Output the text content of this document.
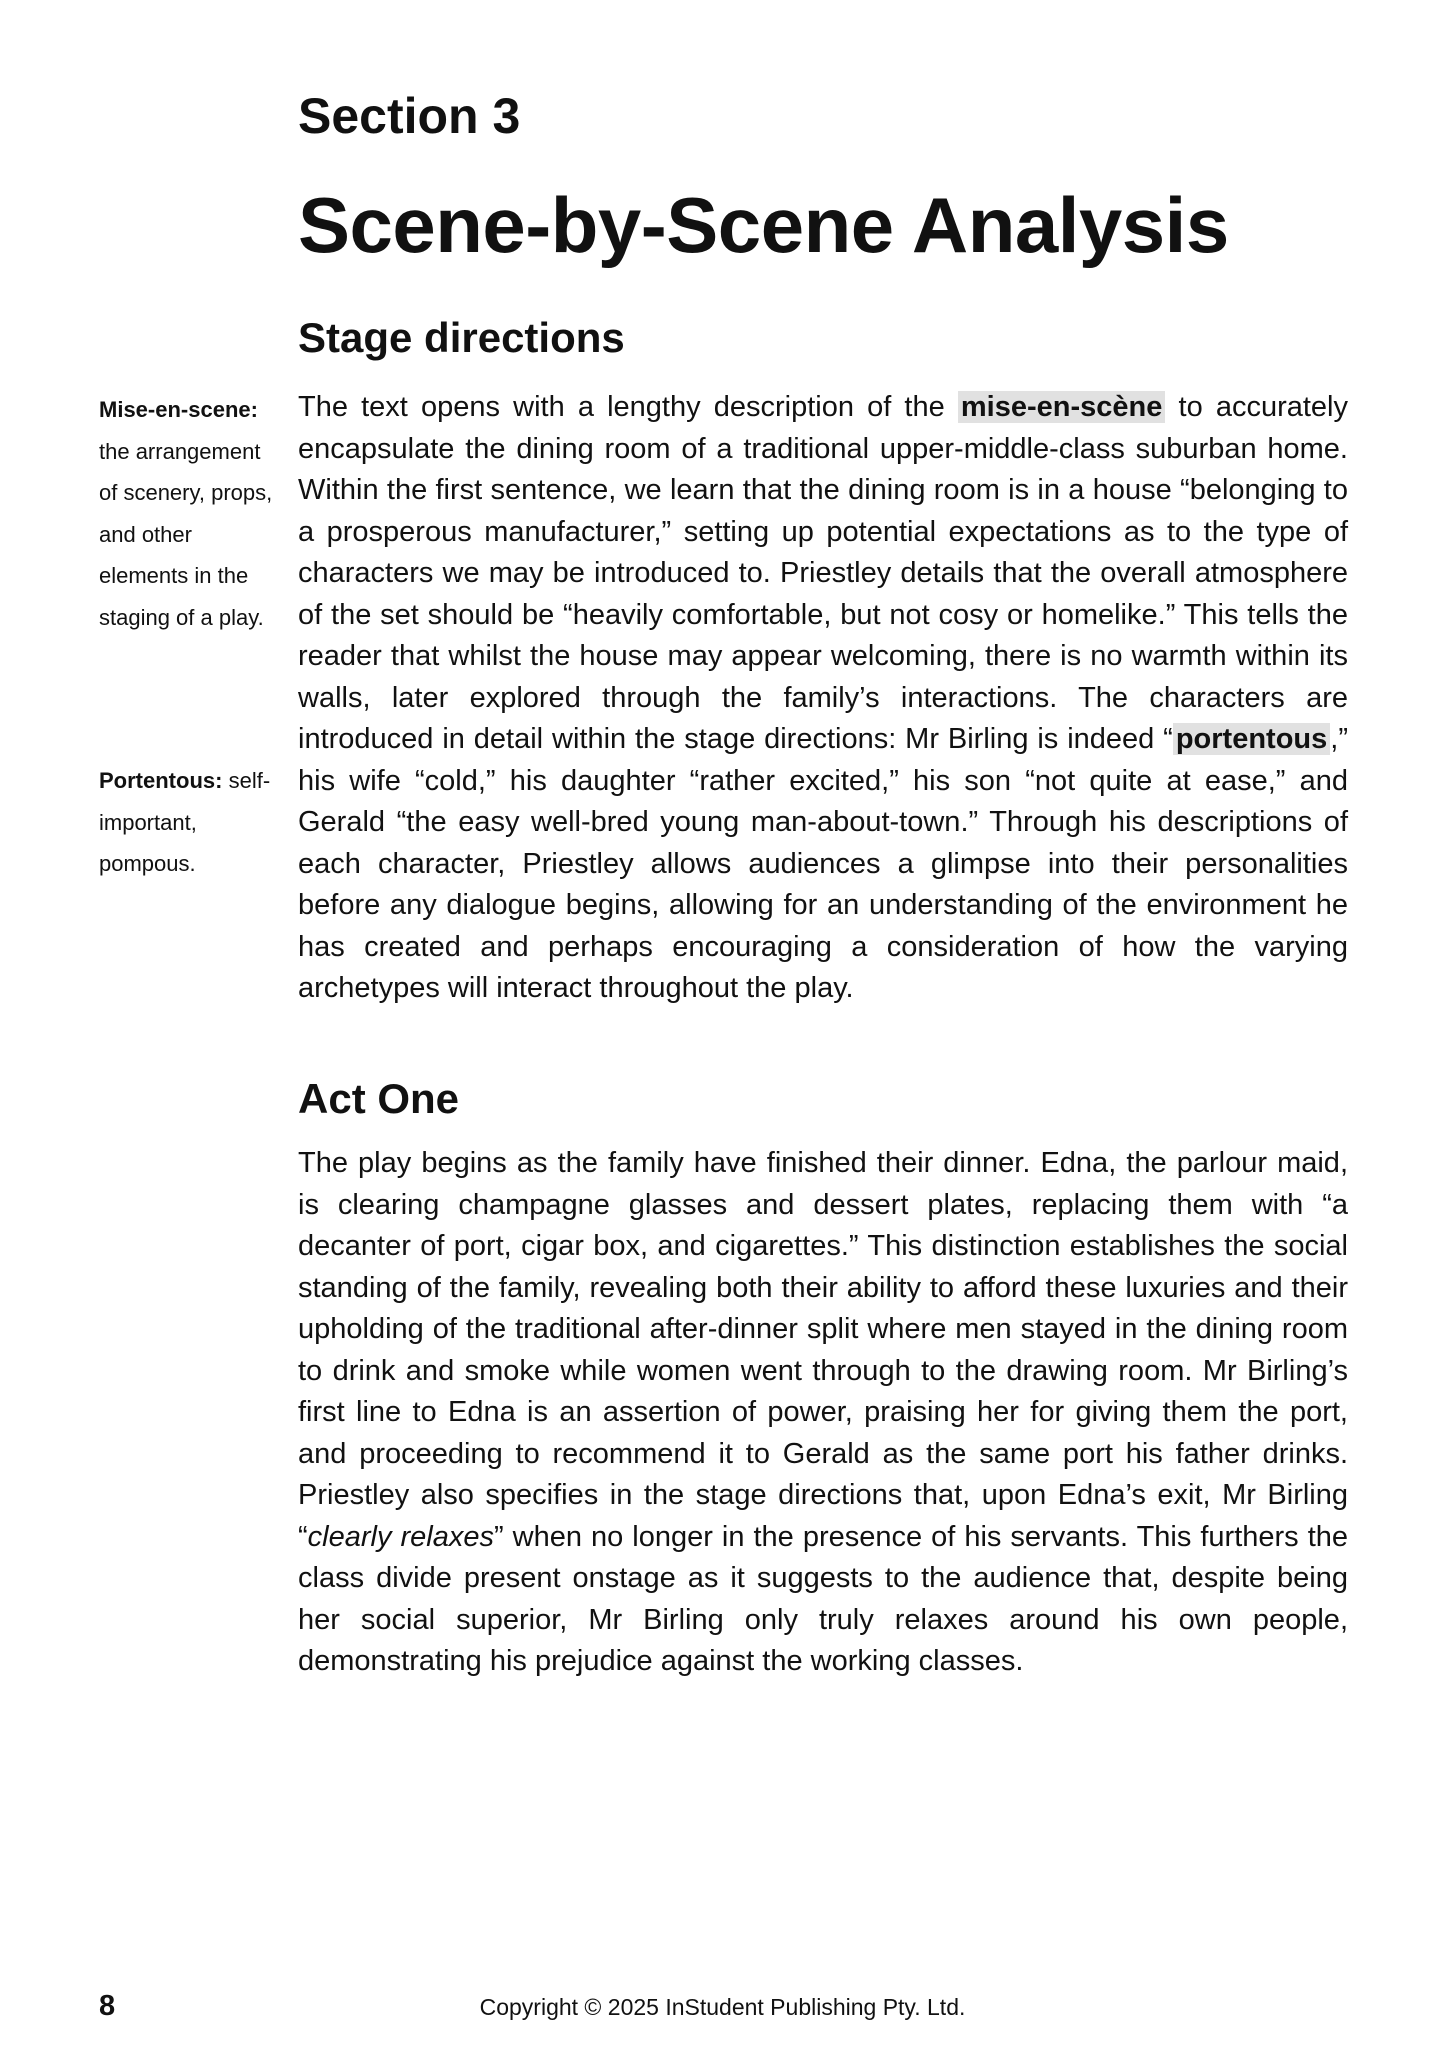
Section 3
Scene-by-Scene Analysis
Mise-en-scene: the arrangement of scenery, props, and other elements in the staging of a play.
Portentous: self-important, pompous.
Stage directions

The text opens with a lengthy description of the mise-en-scène to accurately encapsulate the dining room of a traditional upper-middle-class suburban home. Within the first sentence, we learn that the dining room is in a house “belonging to a prosperous manufacturer,” setting up potential expectations as to the type of characters we may be introduced to. Priestley details that the overall atmosphere of the set should be “heavily comfortable, but not cosy or homelike.” This tells the reader that whilst the house may appear welcoming, there is no warmth within its walls, later explored through the family’s interactions. The characters are introduced in detail within the stage directions: Mr Birling is indeed “ portentous ,” his wife “cold,” his daughter “rather excited,” his son “not quite at ease,” and Gerald “the easy well-bred young man-about-town.” Through his descriptions of each character, Priestley allows audiences a glimpse into their personalities before any dialogue begins, allowing for an understanding of the environment he has created and perhaps encouraging a consideration of how the varying archetypes will interact throughout the play.

Act One

The play begins as the family have finished their dinner. Edna, the parlour maid, is clearing champagne glasses and dessert plates, replacing them with “a decanter of port, cigar box, and cigarettes.” This distinction establishes the social standing of the family, revealing both their ability to afford these luxuries and their upholding of the traditional after-dinner split where men stayed in the dining room to drink and smoke while women went through to the drawing room. Mr Birling’s first line to Edna is an assertion of power, praising her for giving them the port, and proceeding to recommend it to Gerald as the same port his father drinks. Priestley also specifies in the stage directions that, upon Edna’s exit, Mr Birling “clearly relaxes” when no longer in the presence of his servants. This furthers the class divide present onstage as it suggests to the audience that, despite being her social superior, Mr Birling only truly relaxes around his own people, demonstrating his prejudice against the working classes.

8	Copyright © 2025 InStudent Publishing Pty. Ltd.
